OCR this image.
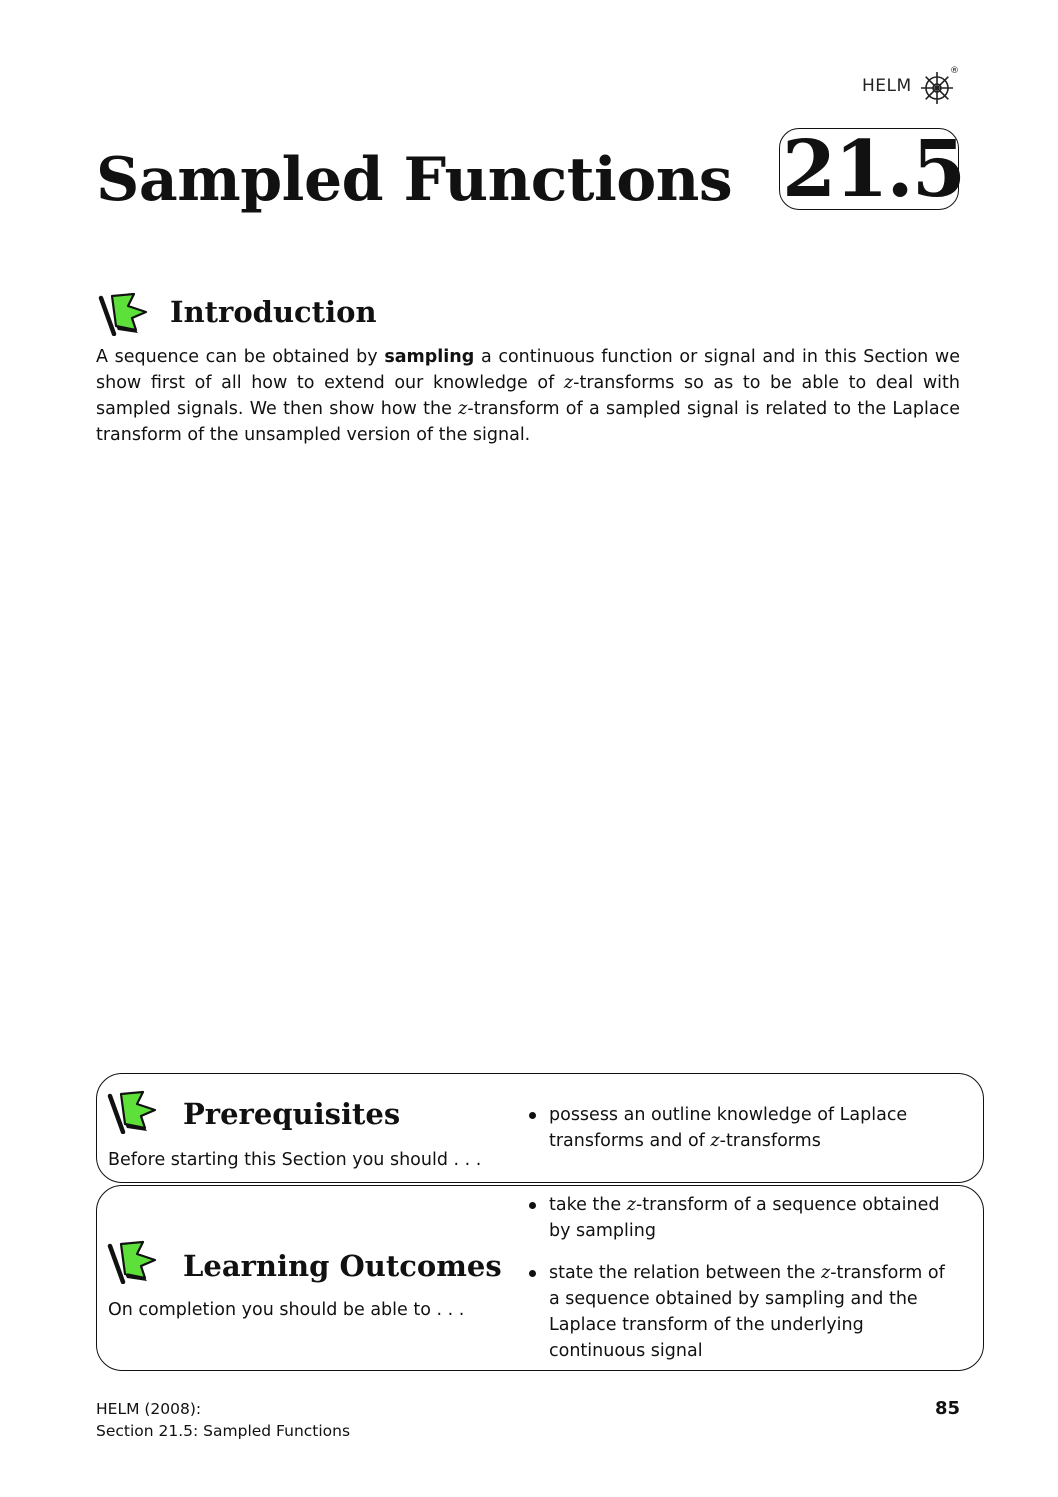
HELM
®
Sampled Functions 21.5
Introduction
A sequence can be obtained by sampling a continuous function or signal and in this Section we show first of all how to extend our knowledge of z-transforms so as to be able to deal with sampled signals. We then show how the z-transform of a sampled signal is related to the Laplace transform of the unsampled version of the signal.
Prerequisites
Before starting this Section you should . . .
possess an outline knowledge of Laplace transforms and of z-transforms
Learning Outcomes
On completion you should be able to . . .
take the z-transform of a sequence obtained by sampling
state the relation between the z-transform of a sequence obtained by sampling and the Laplace transform of the underlying continuous signal
HELM (2008):
Section 21.5: Sampled Functions
85
